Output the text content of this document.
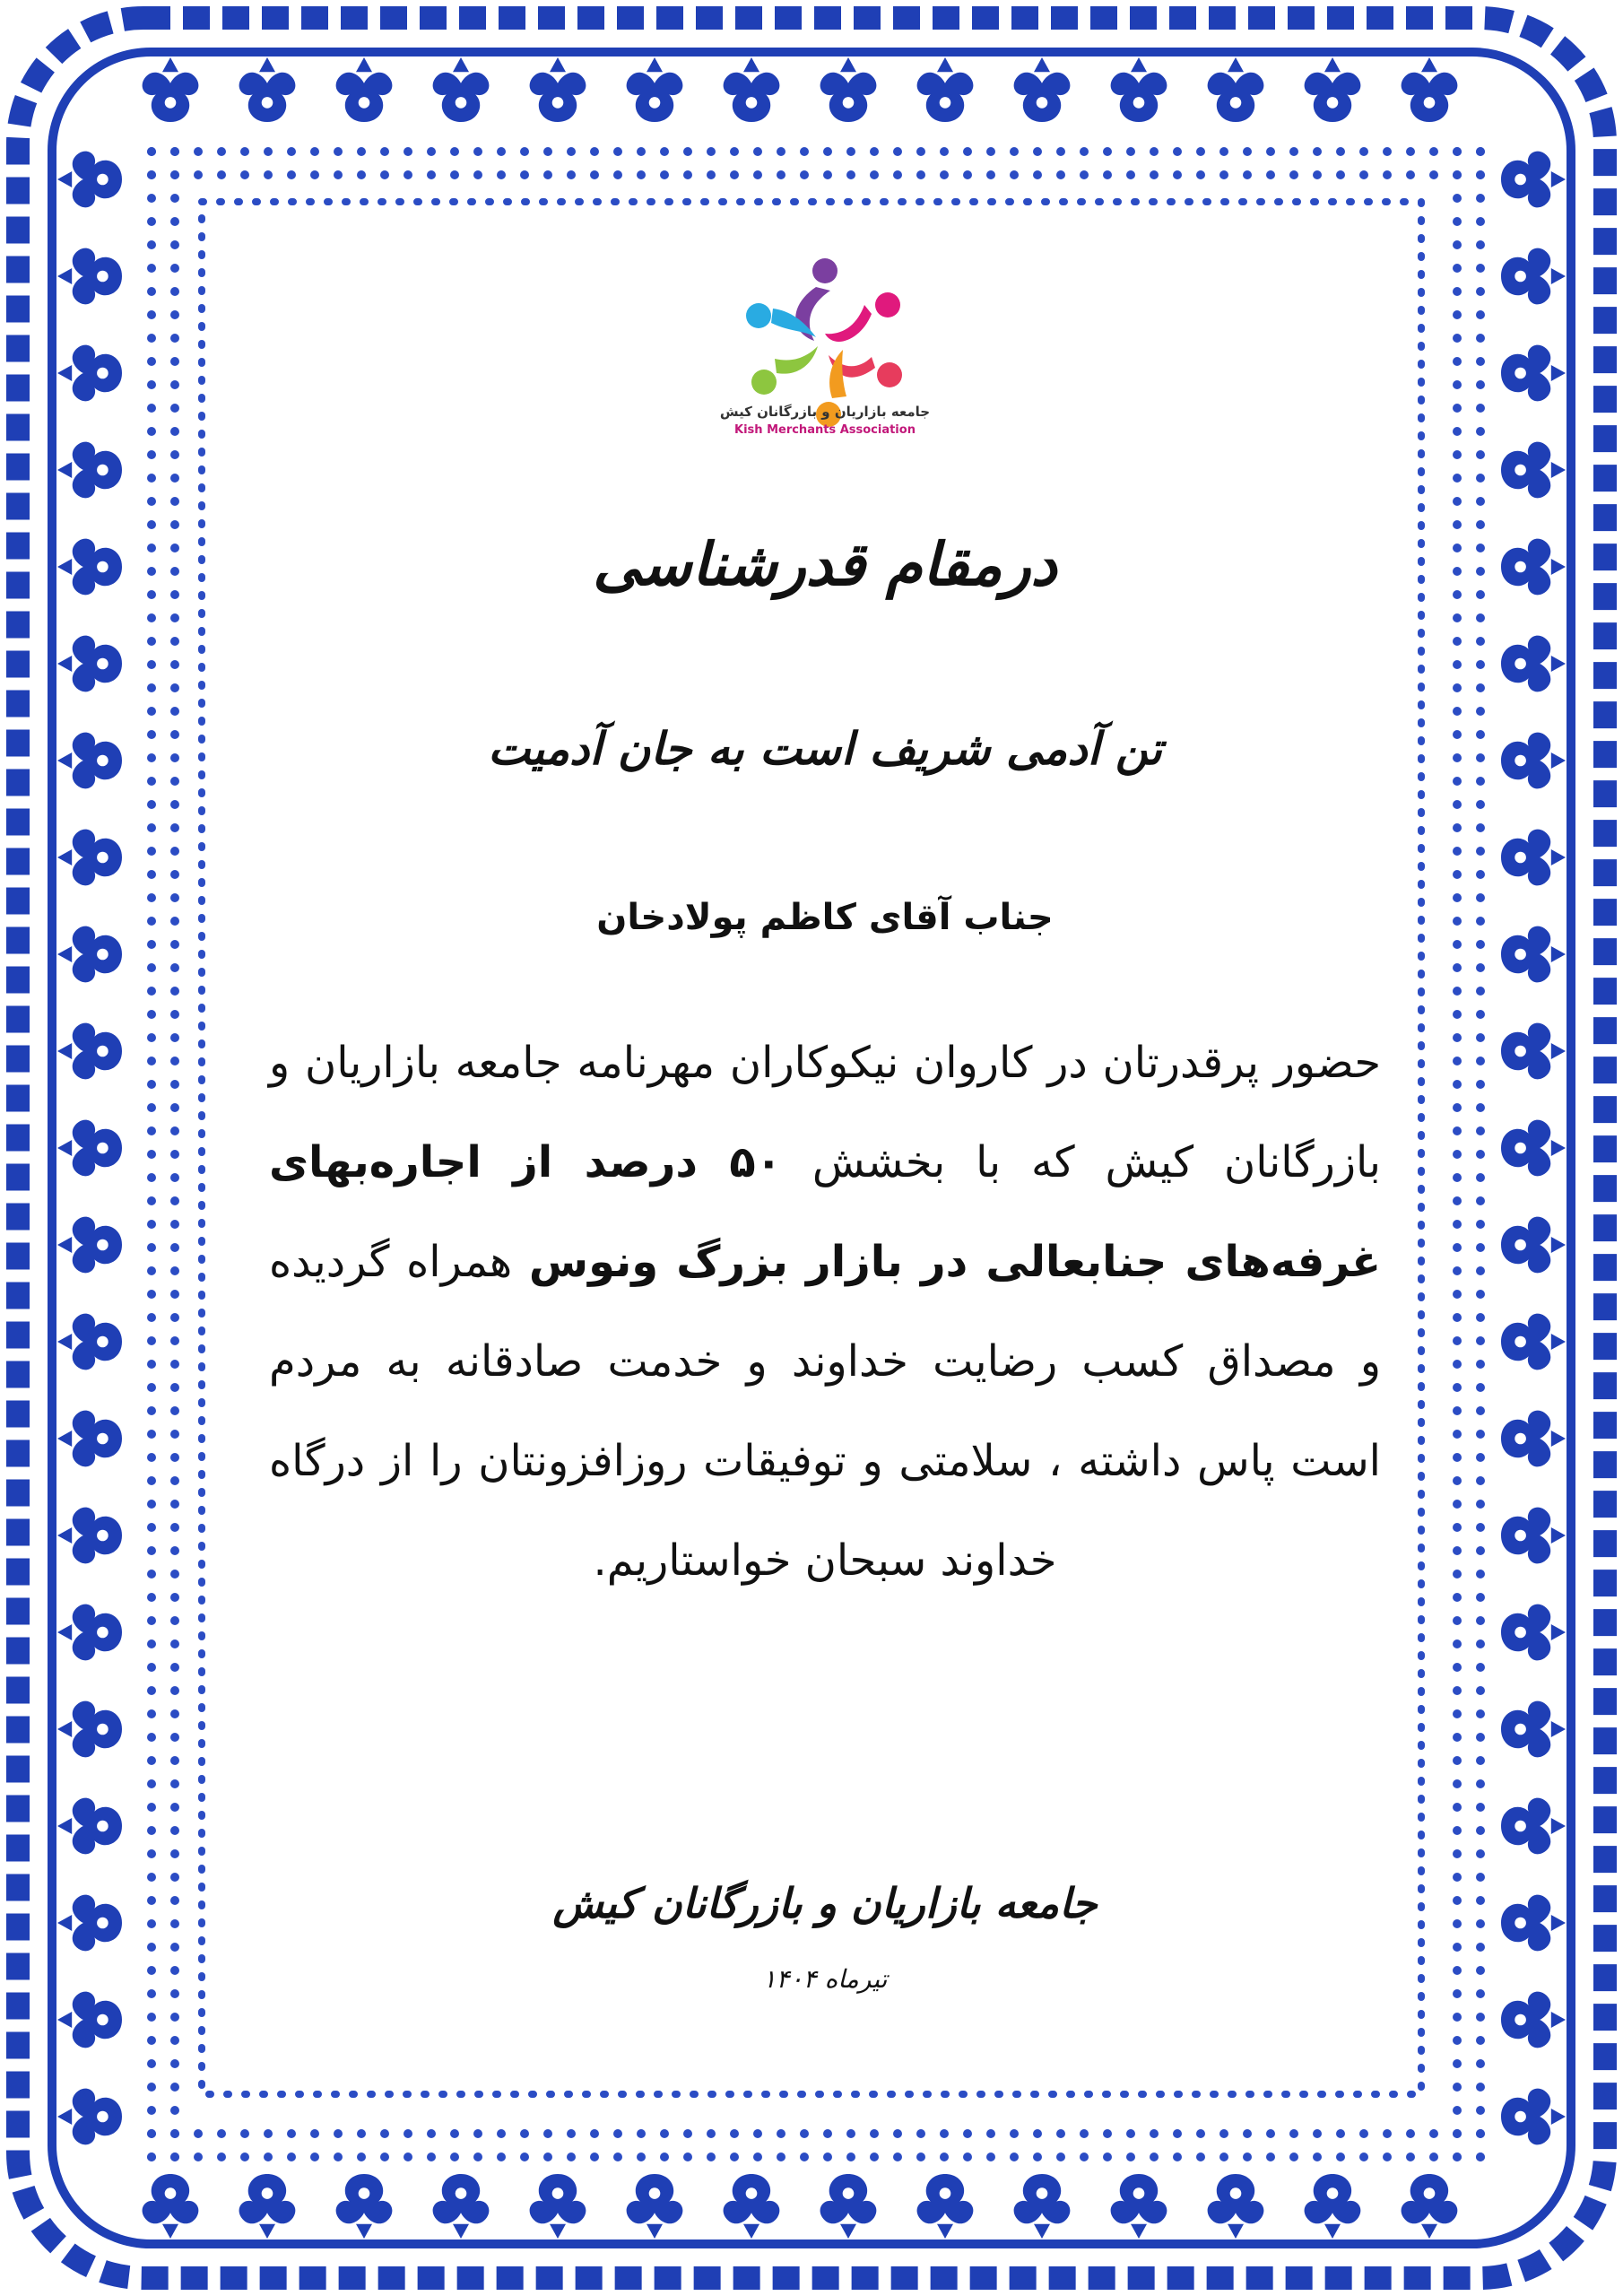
جامعه بازاریان و بازرگانان کیش
Kish Merchants Association
درمقام قدرشناسی
تن آدمی شریف است به جان آدمیت
جناب آقای کاظم پولادخان
حضور پرقدرتان در کاروان نیکوکاران مهرنامه جامعه بازاریان و بازرگانان کیش که با بخشش ۵۰ درصد از اجاره‌بهای غرفه‌های جنابعالی در بازار بزرگ ونوس همراه گردیده و مصداق کسب رضایت خداوند و خدمت صادقانه به مردم است پاس داشته ، سلامتی و توفیقات روزافزونتان را از درگاه خداوند سبحان خواستاریم.
جامعه بازاریان و بازرگانان کیش
تیرماه ۱۴۰۴
